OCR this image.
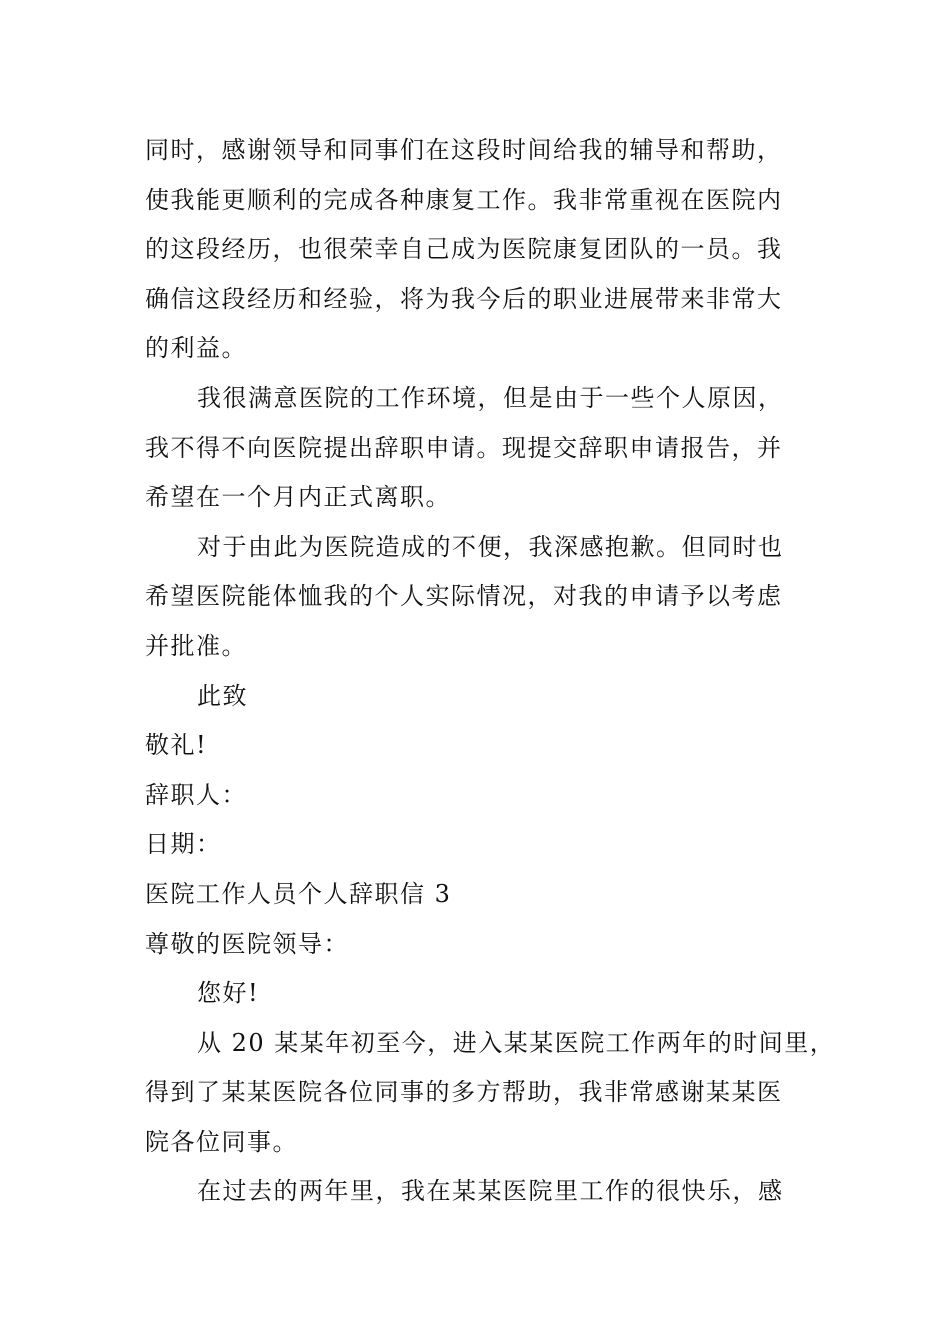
同时，感谢领导和同事们在这段时间给我的辅导和帮助，
使我能更顺利的完成各种康复工作。我非常重视在医院内
的这段经历，也很荣幸自己成为医院康复团队的一员。我
确信这段经历和经验，将为我今后的职业进展带来非常大
的利益。
我很满意医院的工作环境，但是由于一些个人原因，
我不得不向医院提出辞职申请。现提交辞职申请报告，并
希望在一个月内正式离职。
对于由此为医院造成的不便，我深感抱歉。但同时也
希望医院能体恤我的个人实际情况，对我的申请予以考虑
并批准。
此致
敬礼!
辞职人：
日期：
医院工作人员个人辞职信 3
尊敬的医院领导：
您好!
从 20 某某年初至今，进入某某医院工作两年的时间里，
得到了某某医院各位同事的多方帮助，我非常感谢某某医
院各位同事。
在过去的两年里，我在某某医院里工作的很快乐，感
